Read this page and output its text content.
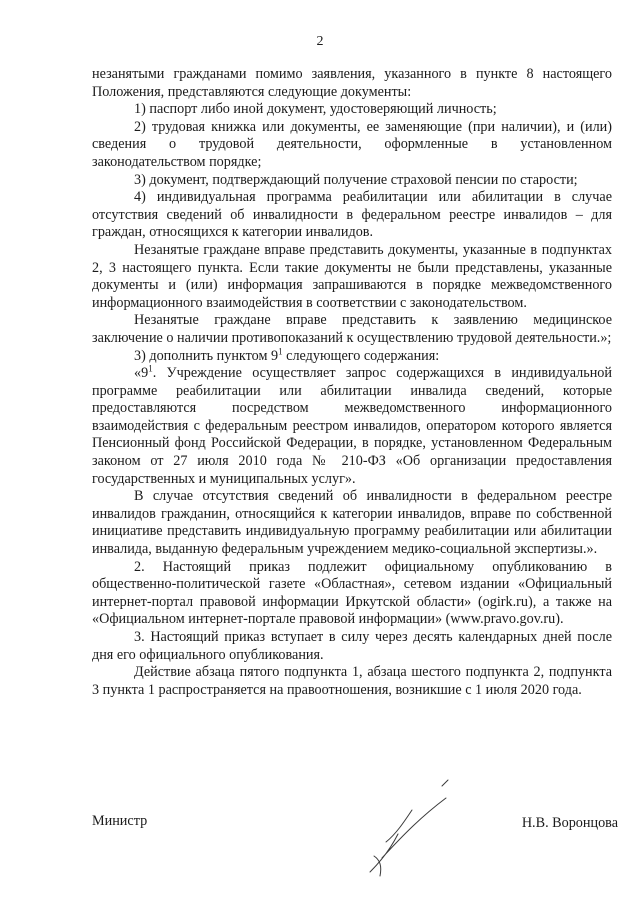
2

незанятыми гражданами помимо заявления, указанного в пункте 8 настоящего Положения, представляются следующие документы:

1) паспорт либо иной документ, удостоверяющий личность;

2) трудовая книжка или документы, ее заменяющие (при наличии), и (или) сведения о трудовой деятельности, оформленные в установленном законодательством порядке;

3) документ, подтверждающий получение страховой пенсии по старости;

4) индивидуальная программа реабилитации или абилитации в случае отсутствия сведений об инвалидности в федеральном реестре инвалидов – для граждан, относящихся к категории инвалидов.

Незанятые граждане вправе представить документы, указанные в подпунктах 2, 3 настоящего пункта. Если такие документы не были представлены, указанные документы и (или) информация запрашиваются в порядке межведомственного информационного взаимодействия в соответствии с законодательством.

Незанятые граждане вправе представить к заявлению медицинское заключение о наличии противопоказаний к осуществлению трудовой деятельности.»;

3) дополнить пунктом $9^1$ следующего содержания:

«$9^1$. Учреждение осуществляет запрос содержащихся в индивидуальной программе реабилитации или абилитации инвалида сведений, которые предоставляются посредством межведомственного информационного взаимодействия с федеральным реестром инвалидов, оператором которого является Пенсионный фонд Российской Федерации, в порядке, установленном Федеральным законом от 27 июля 2010 года № 210-ФЗ «Об организации предоставления государственных и муниципальных услуг».

В случае отсутствия сведений об инвалидности в федеральном реестре инвалидов гражданин, относящийся к категории инвалидов, вправе по собственной инициативе представить индивидуальную программу реабилитации или абилитации инвалида, выданную федеральным учреждением медико-социальной экспертизы.».

2. Настоящий приказ подлежит официальному опубликованию в общественно-политической газете «Областная», сетевом издании «Официальный интернет-портал правовой информации Иркутской области» (ogirk.ru), а также на «Официальном интернет-портале правовой информации» (www.pravo.gov.ru).

3. Настоящий приказ вступает в силу через десять календарных дней после дня его официального опубликования.

Действие абзаца пятого подпункта 1, абзаца шестого подпункта 2, подпункта 3 пункта 1 распространяется на правоотношения, возникшие с 1 июля 2020 года.

Министр	Н.В. Воронцова
